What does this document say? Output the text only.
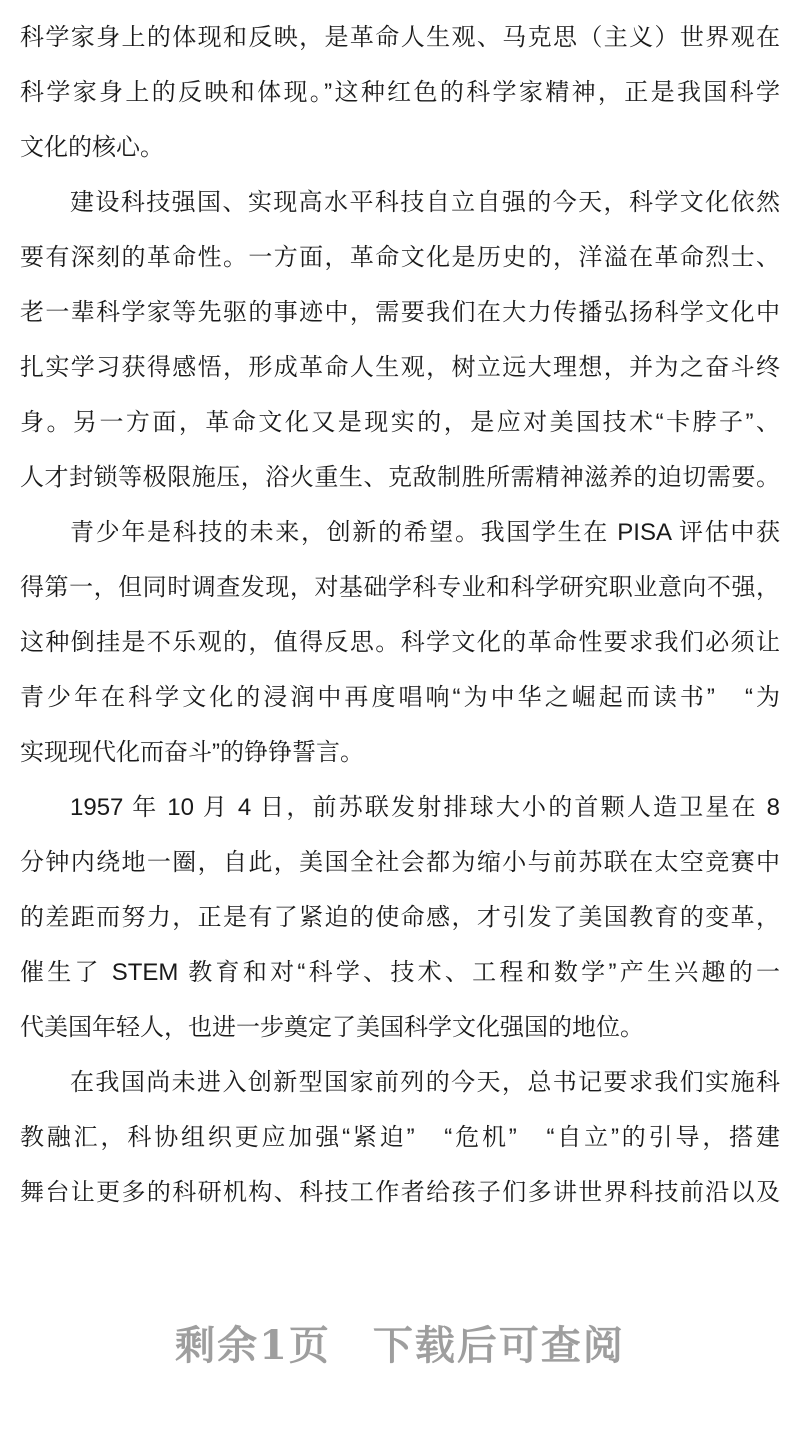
科学家身上的体现和反映，是革命人生观、马克思（主义）世界观在
科学家身上的反映和体现。”这种红色的科学家精神，正是我国科学
文化的核心。
建设科技强国、实现高水平科技自立自强的今天，科学文化依然
要有深刻的革命性。一方面，革命文化是历史的，洋溢在革命烈士、
老一辈科学家等先驱的事迹中，需要我们在大力传播弘扬科学文化中
扎实学习获得感悟，形成革命人生观，树立远大理想，并为之奋斗终
身。另一方面，革命文化又是现实的，是应对美国技术“卡脖子”、
人才封锁等极限施压，浴火重生、克敌制胜所需精神滋养的迫切需要。
青少年是科技的未来，创新的希望。我国学生在 PISA 评估中获
得第一，但同时调查发现，对基础学科专业和科学研究职业意向不强，
这种倒挂是不乐观的，值得反思。科学文化的革命性要求我们必须让
青少年在科学文化的浸润中再度唱响“为中华之崛起而读书”　“为
实现现代化而奋斗”的铮铮誓言。
1957 年 10 月 4 日，前苏联发射排球大小的首颗人造卫星在 8
分钟内绕地一圈，自此，美国全社会都为缩小与前苏联在太空竞赛中
的差距而努力，正是有了紧迫的使命感，才引发了美国教育的变革，
催生了 STEM 教育和对“科学、技术、工程和数学”产生兴趣的一
代美国年轻人，也进一步奠定了美国科学文化强国的地位。
在我国尚未进入创新型国家前列的今天，总书记要求我们实施科
教融汇，科协组织更应加强“紧迫”　“危机”　“自立”的引导，搭建
舞台让更多的科研机构、科技工作者给孩子们多讲世界科技前沿以及
剩余1页　下载后可查阅
